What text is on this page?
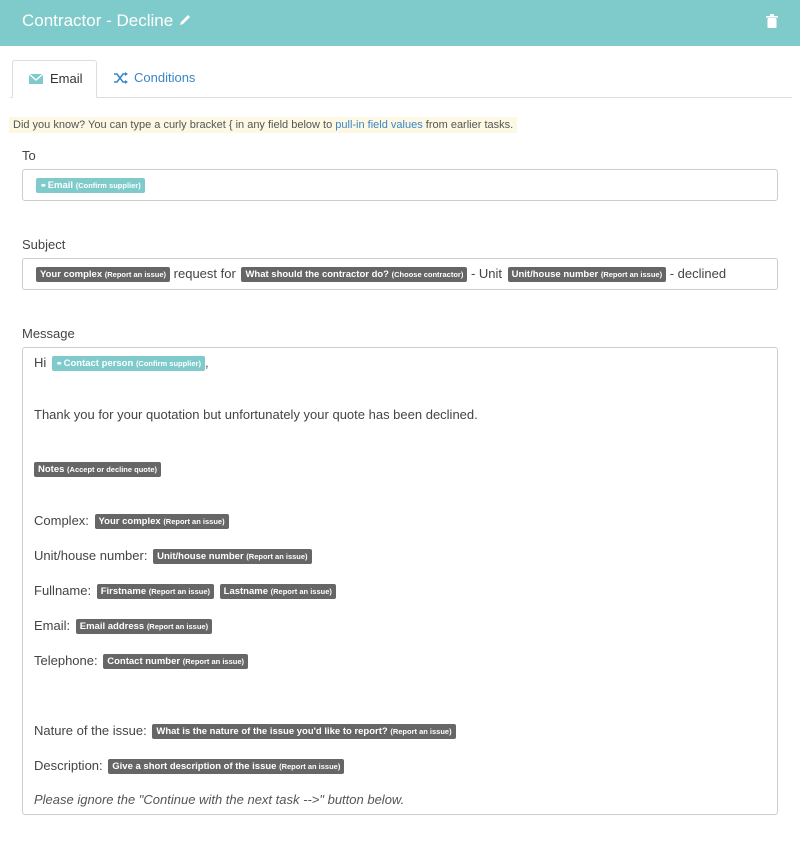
Contractor - Decline
Email	Conditions
Did you know? You can type a curly bracket { in any field below to pull-in field values from earlier tasks.
To
⚭ Email (Confirm supplier)
Subject
Your complex (Report an issue) request for What should the contractor do? (Choose contractor) - Unit Unit/house number (Report an issue) - declined
Message
Hi ⚭ Contact person (Confirm supplier) ,
Thank you for your quotation but unfortunately your quote has been declined.
Notes (Accept or decline quote)
Complex: Your complex (Report an issue)
Unit/house number: Unit/house number (Report an issue)
Fullname: Firstname (Report an issue) Lastname (Report an issue)
Email: Email address (Report an issue)
Telephone: Contact number (Report an issue)
Nature of the issue: What is the nature of the issue you'd like to report? (Report an issue)
Description: Give a short description of the issue (Report an issue)
Please ignore the "Continue with the next task -->" button below.
